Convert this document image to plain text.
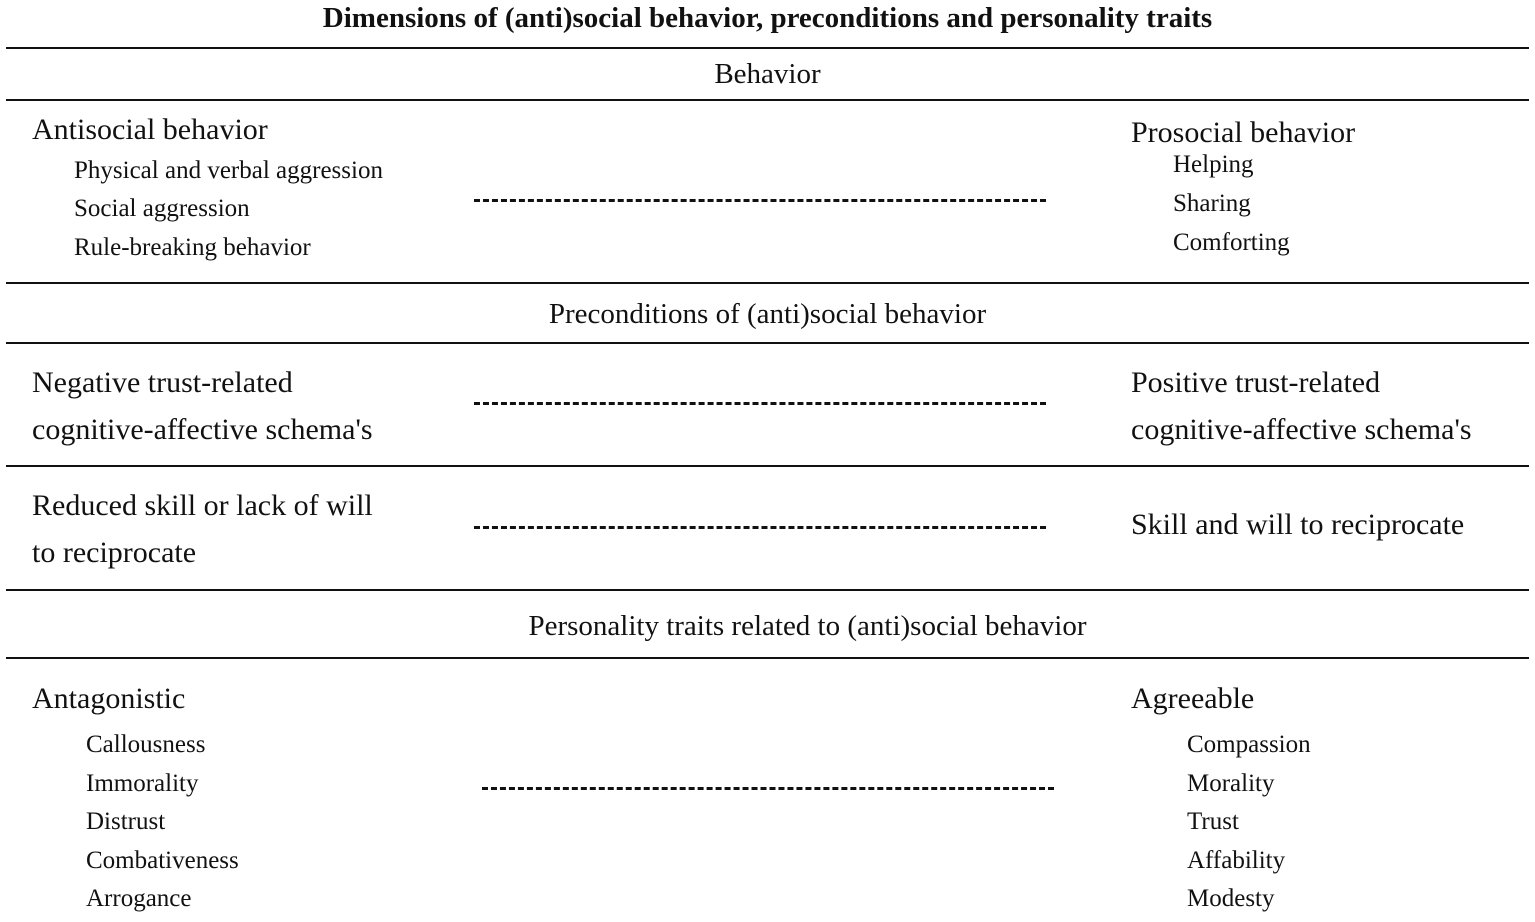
Dimensions of (anti)social behavior, preconditions and personality traits
Behavior
Antisocial behavior
Physical and verbal aggression
Social aggression
Rule-breaking behavior
Prosocial behavior
Helping
Sharing
Comforting
Preconditions of (anti)social behavior
Negative trust-related
cognitive-affective schema's
Positive trust-related
cognitive-affective schema's
Reduced skill or lack of will
to reciprocate
Skill and will to reciprocate
Personality traits related to (anti)social behavior
Antagonistic
Callousness
Immorality
Distrust
Combativeness
Arrogance
Agreeable
Compassion
Morality
Trust
Affability
Modesty
